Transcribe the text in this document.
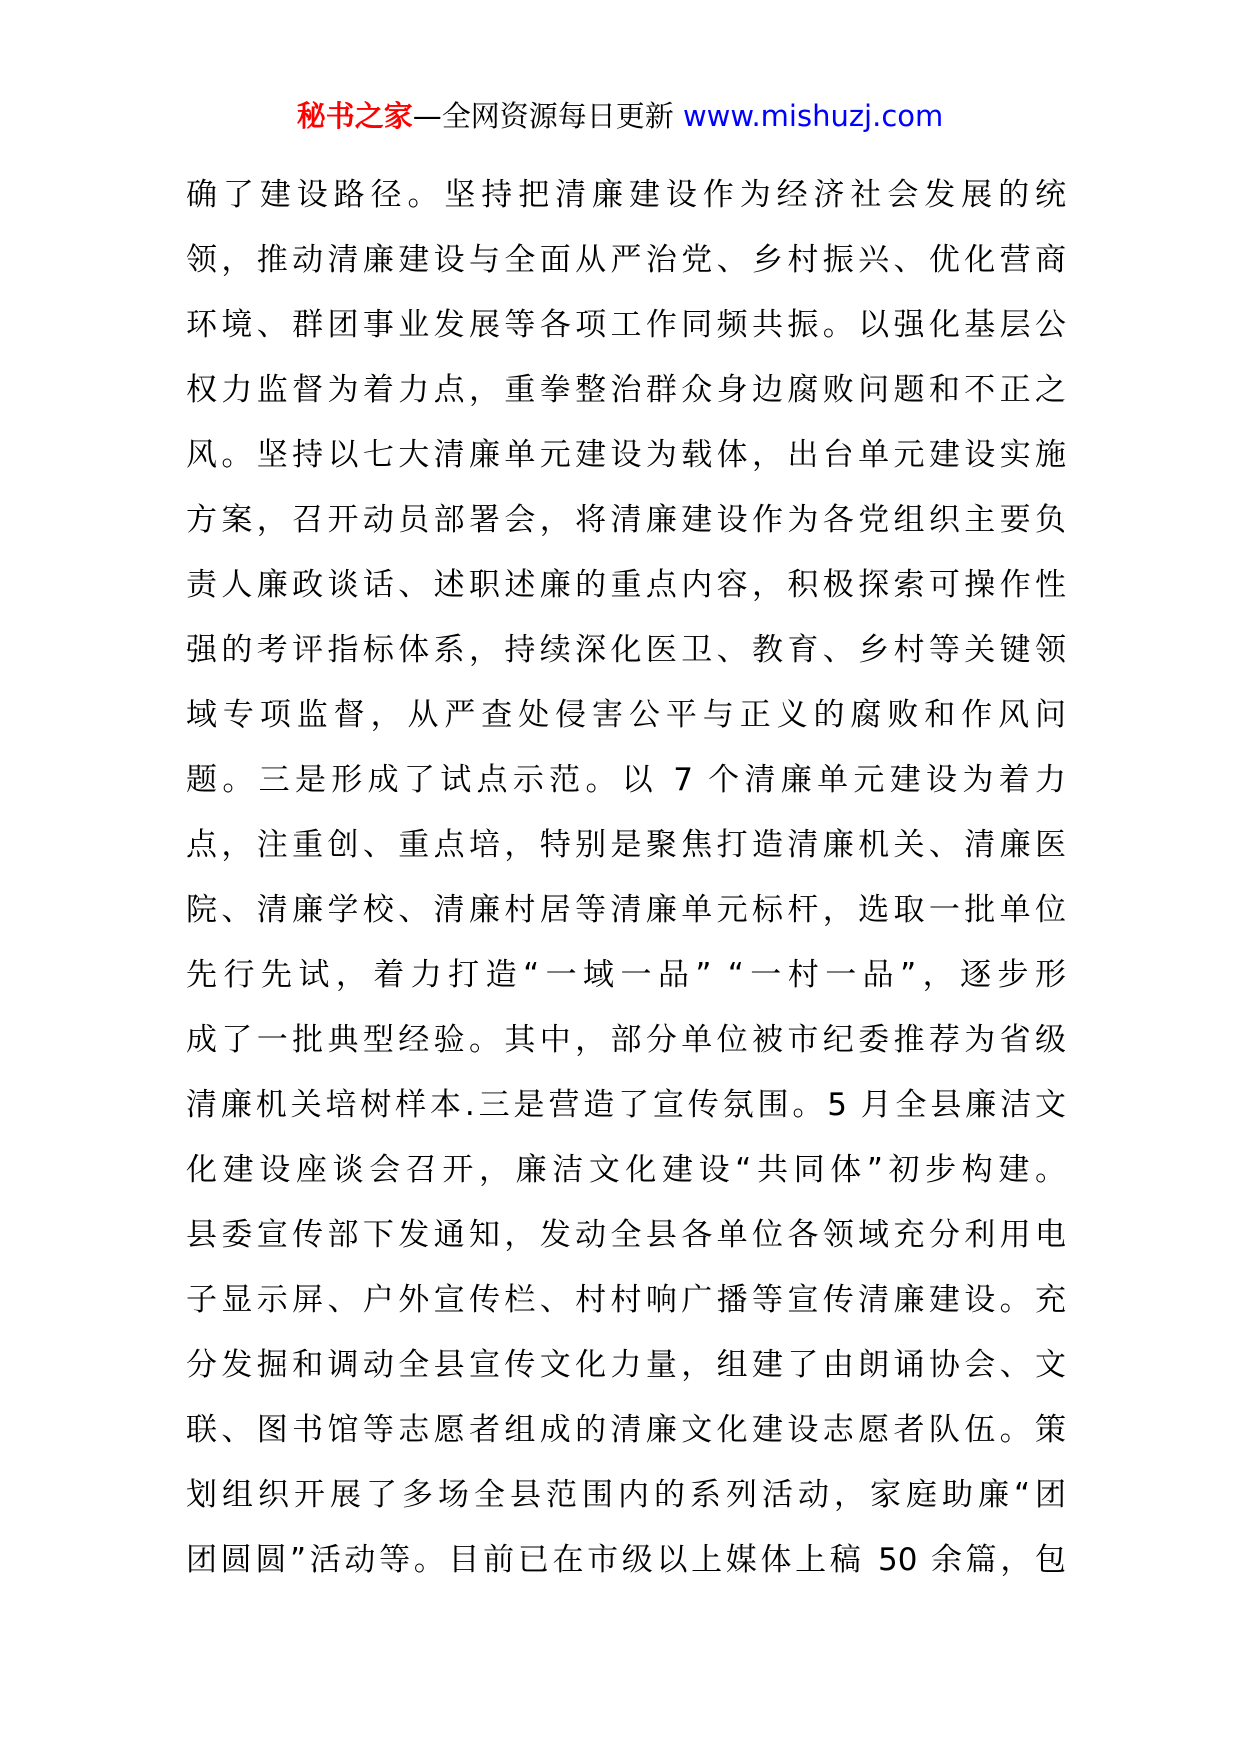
秘书之家—全网资源每日更新 www.mishuzj.com
确了建设路径。坚持把清廉建设作为经济社会发展的统
领，推动清廉建设与全面从严治党、乡村振兴、优化营商
环境、群团事业发展等各项工作同频共振。以强化基层公
权力监督为着力点，重拳整治群众身边腐败问题和不正之
风。坚持以七大清廉单元建设为载体，出台单元建设实施
方案，召开动员部署会，将清廉建设作为各党组织主要负
责人廉政谈话、述职述廉的重点内容，积极探索可操作性
强的考评指标体系，持续深化医卫、教育、乡村等关键领
域专项监督，从严查处侵害公平与正义的腐败和作风问
题。三是形成了试点示范。以 7 个清廉单元建设为着力
点，注重创、重点培，特别是聚焦打造清廉机关、清廉医
院、清廉学校、清廉村居等清廉单元标杆，选取一批单位
先行先试，着力打造“一域一品” “一村一品”，逐步形
成了一批典型经验。其中，部分单位被市纪委推荐为省级
清廉机关培树样本.三是营造了宣传氛围。5 月全县廉洁文
化建设座谈会召开，廉洁文化建设“共同体”初步构建。
县委宣传部下发通知，发动全县各单位各领域充分利用电
子显示屏、户外宣传栏、村村响广播等宣传清廉建设。充
分发掘和调动全县宣传文化力量，组建了由朗诵协会、文
联、图书馆等志愿者组成的清廉文化建设志愿者队伍。策
划组织开展了多场全县范围内的系列活动，家庭助廉“团
团圆圆”活动等。目前已在市级以上媒体上稿 50 余篇，包
